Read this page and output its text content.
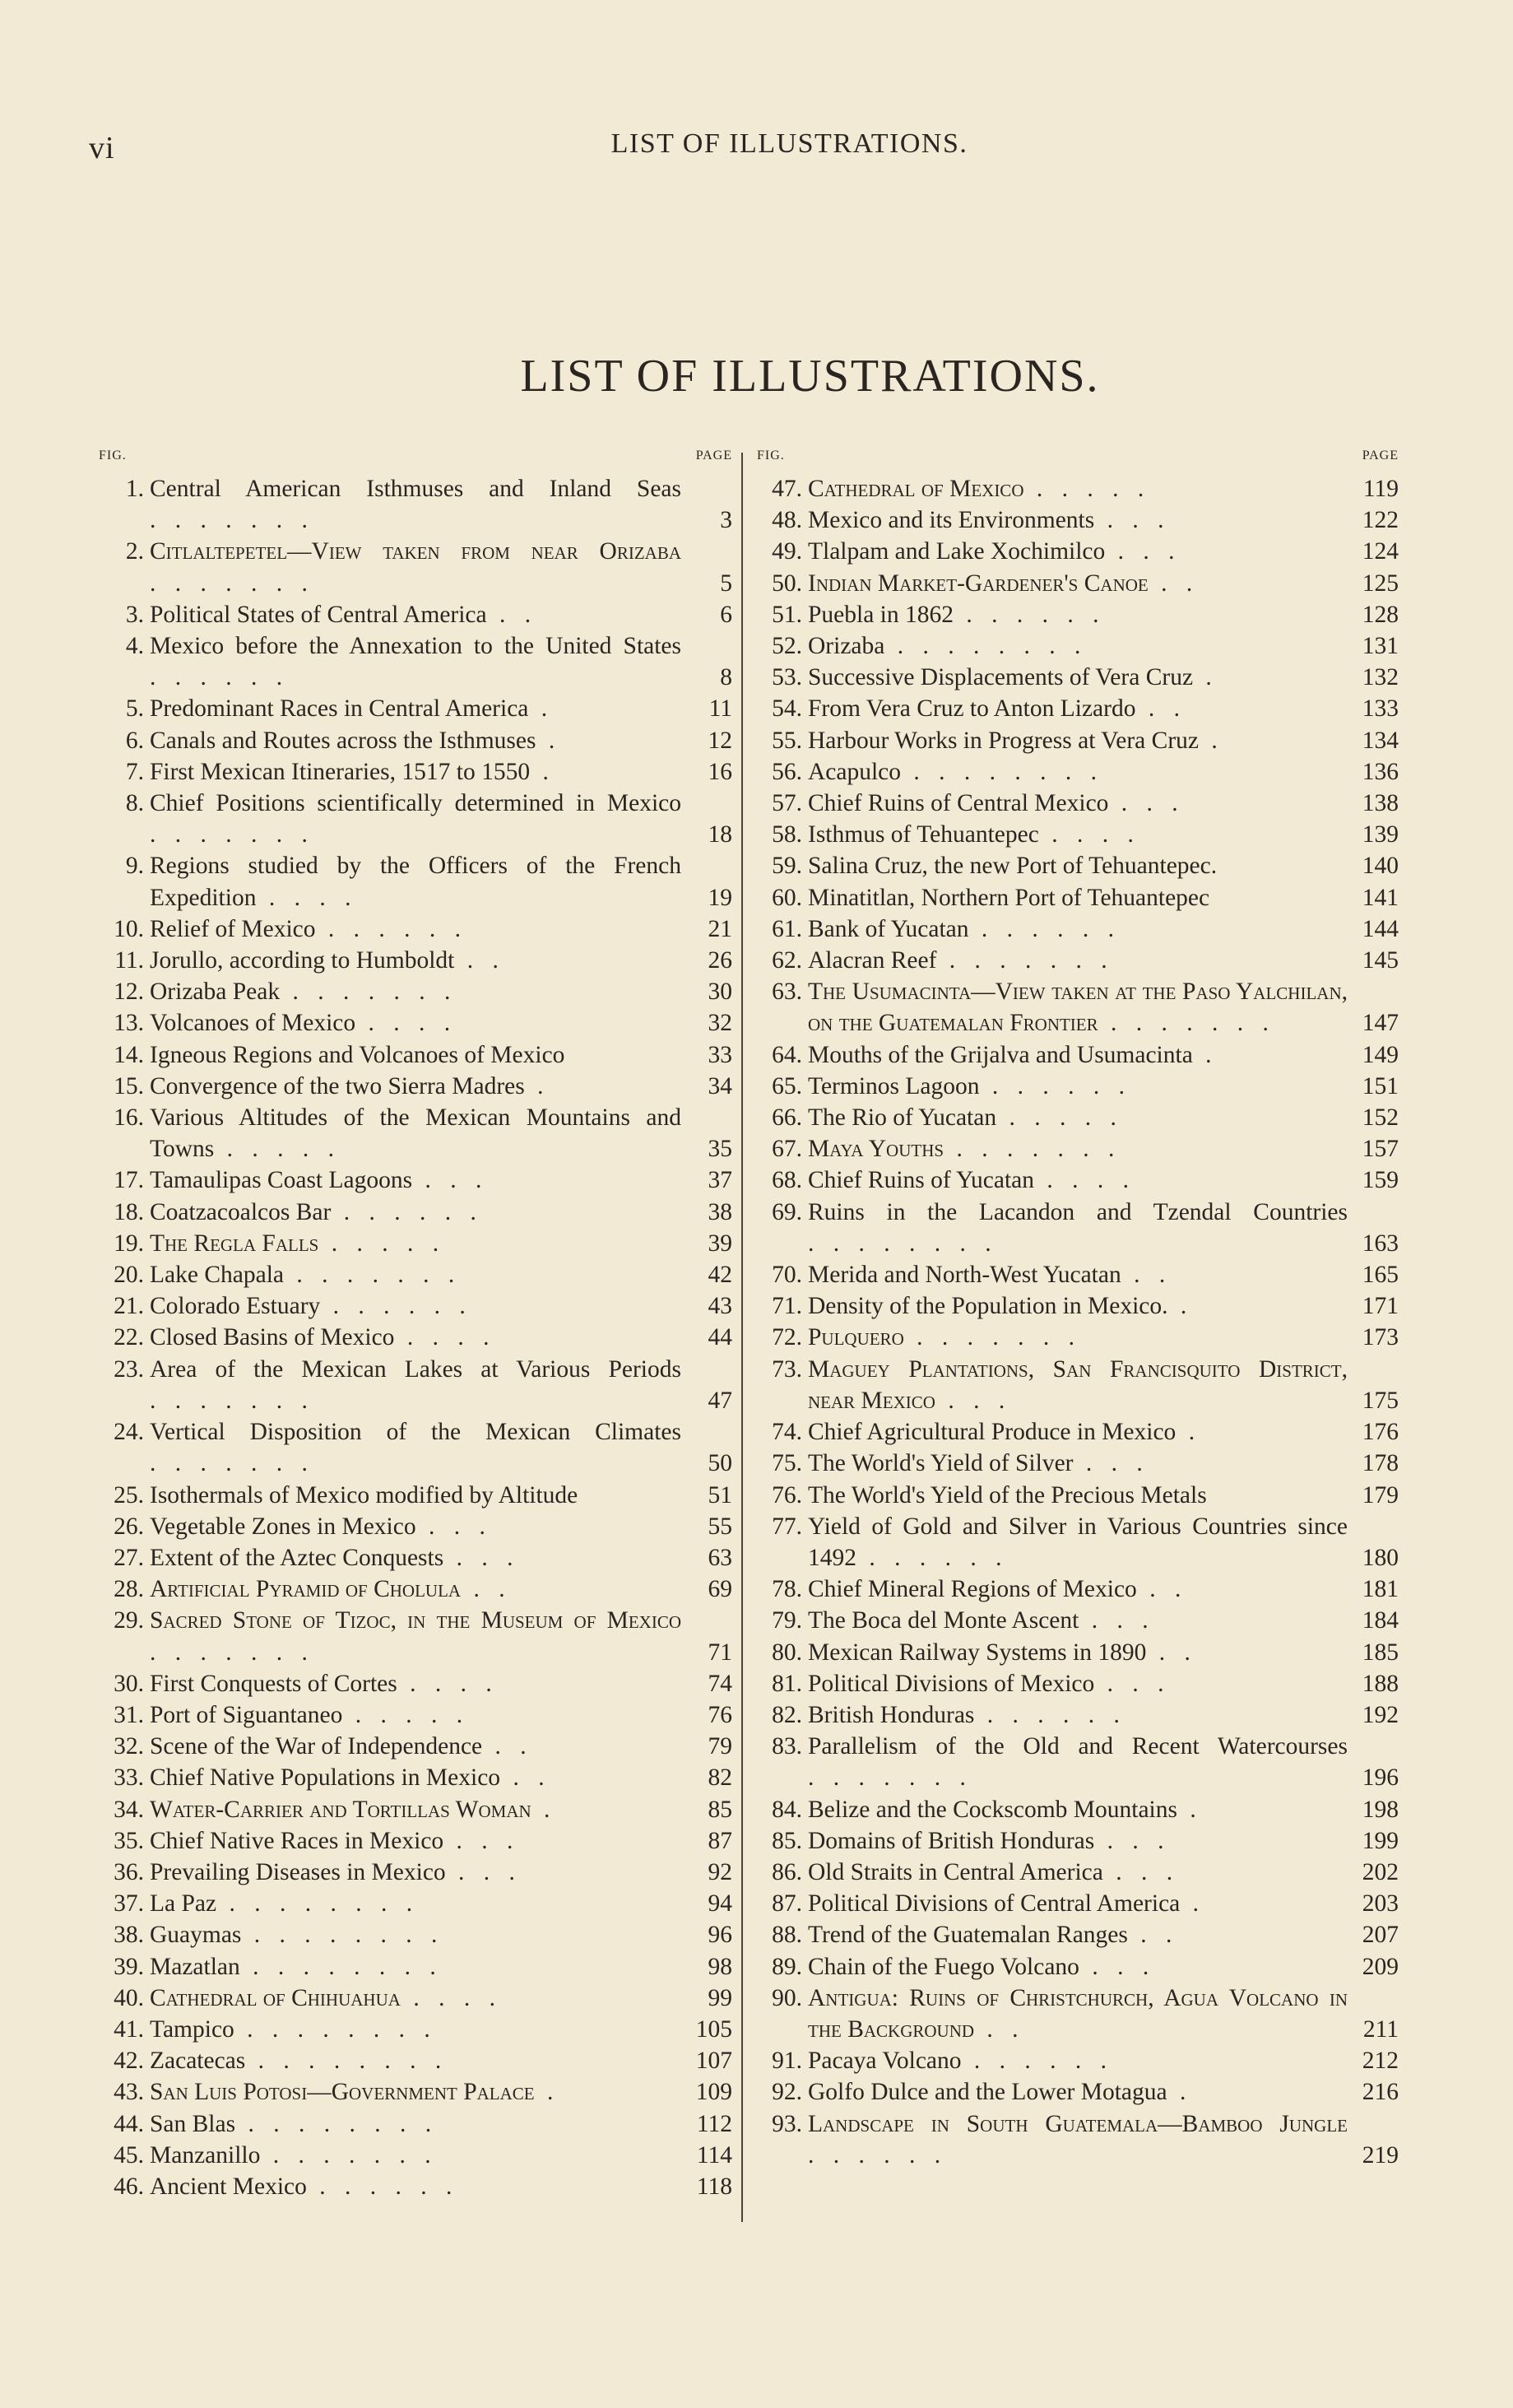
vi	LIST OF ILLUSTRATIONS.
LIST OF ILLUSTRATIONS.
FIG.	PAGE
1. Central American Isthmuses and Inland Seas . . . . . . .	3
2. Citlaltepetel—View taken from near Orizaba . . . . . . .	5
3. Political States of Central America . .	6
4. Mexico before the Annexation to the United States . . . . . .	8
5. Predominant Races in Central America .	11
6. Canals and Routes across the Isthmuses .	12
7. First Mexican Itineraries, 1517 to 1550 .	16
8. Chief Positions scientifically determined in Mexico . . . . . . .	18
9. Regions studied by the Officers of the French Expedition . . . .	19
10. Relief of Mexico . . . . . .	21
11. Jorullo, according to Humboldt . .	26
12. Orizaba Peak . . . . . . .	30
13. Volcanoes of Mexico . . . .	32
14. Igneous Regions and Volcanoes of Mexico	33
15. Convergence of the two Sierra Madres .	34
16. Various Altitudes of the Mexican Mountains and Towns . . . . .	35
17. Tamaulipas Coast Lagoons . . .	37
18. Coatzacoalcos Bar . . . . . .	38
19. The Regla Falls . . . . .	39
20. Lake Chapala . . . . . . .	42
21. Colorado Estuary . . . . . .	43
22. Closed Basins of Mexico . . . .	44
23. Area of the Mexican Lakes at Various Periods . . . . . . .	47
24. Vertical Disposition of the Mexican Climates . . . . . . .	50
25. Isothermals of Mexico modified by Altitude	51
26. Vegetable Zones in Mexico . . .	55
27. Extent of the Aztec Conquests . . .	63
28. Artificial Pyramid of Cholula . .	69
29. Sacred Stone of Tizoc, in the Museum of Mexico . . . . . . .	71
30. First Conquests of Cortes . . . .	74
31. Port of Siguantaneo . . . . .	76
32. Scene of the War of Independence . .	79
33. Chief Native Populations in Mexico . .	82
34. Water-Carrier and Tortillas Woman .	85
35. Chief Native Races in Mexico . . .	87
36. Prevailing Diseases in Mexico . . .	92
37. La Paz . . . . . . . .	94
38. Guaymas . . . . . . . .	96
39. Mazatlan . . . . . . . .	98
40. Cathedral of Chihuahua . . . .	99
41. Tampico . . . . . . . .	105
42. Zacatecas . . . . . . . .	107
43. San Luis Potosi—Government Palace .	109
44. San Blas . . . . . . . .	112
45. Manzanillo . . . . . . .	114
46. Ancient Mexico . . . . . .	118
FIG.	PAGE
47. Cathedral of Mexico . . . . .	119
48. Mexico and its Environments . . .	122
49. Tlalpam and Lake Xochimilco . . .	124
50. Indian Market-Gardener's Canoe . .	125
51. Puebla in 1862 . . . . . .	128
52. Orizaba . . . . . . . .	131
53. Successive Displacements of Vera Cruz .	132
54. From Vera Cruz to Anton Lizardo . .	133
55. Harbour Works in Progress at Vera Cruz .	134
56. Acapulco . . . . . . . .	136
57. Chief Ruins of Central Mexico . . .	138
58. Isthmus of Tehuantepec . . . .	139
59. Salina Cruz, the new Port of Tehuantepec.	140
60. Minatitlan, Northern Port of Tehuantepec	141
61. Bank of Yucatan . . . . . .	144
62. Alacran Reef . . . . . . .	145
63. The Usumacinta—View taken at the Paso Yalchilan, on the Guatemalan Frontier . . . . . . .	147
64. Mouths of the Grijalva and Usumacinta .	149
65. Terminos Lagoon . . . . . .	151
66. The Rio of Yucatan . . . . .	152
67. Maya Youths . . . . . . .	157
68. Chief Ruins of Yucatan . . . .	159
69. Ruins in the Lacandon and Tzendal Countries . . . . . . . .	163
70. Merida and North-West Yucatan . .	165
71. Density of the Population in Mexico. .	171
72. Pulquero . . . . . . .	173
73. Maguey Plantations, San Francisquito District, near Mexico . . .	175
74. Chief Agricultural Produce in Mexico .	176
75. The World's Yield of Silver . . .	178
76. The World's Yield of the Precious Metals	179
77. Yield of Gold and Silver in Various Countries since 1492 . . . . . .	180
78. Chief Mineral Regions of Mexico . .	181
79. The Boca del Monte Ascent . . .	184
80. Mexican Railway Systems in 1890 . .	185
81. Political Divisions of Mexico . . .	188
82. British Honduras . . . . . .	192
83. Parallelism of the Old and Recent Watercourses . . . . . . .	196
84. Belize and the Cockscomb Mountains .	198
85. Domains of British Honduras . . .	199
86. Old Straits in Central America . . .	202
87. Political Divisions of Central America .	203
88. Trend of the Guatemalan Ranges . .	207
89. Chain of the Fuego Volcano . . .	209
90. Antigua: Ruins of Christchurch, Agua Volcano in the Background . .	211
91. Pacaya Volcano . . . . . .	212
92. Golfo Dulce and the Lower Motagua .	216
93. Landscape in South Guatemala—Bamboo Jungle . . . . . .	219
